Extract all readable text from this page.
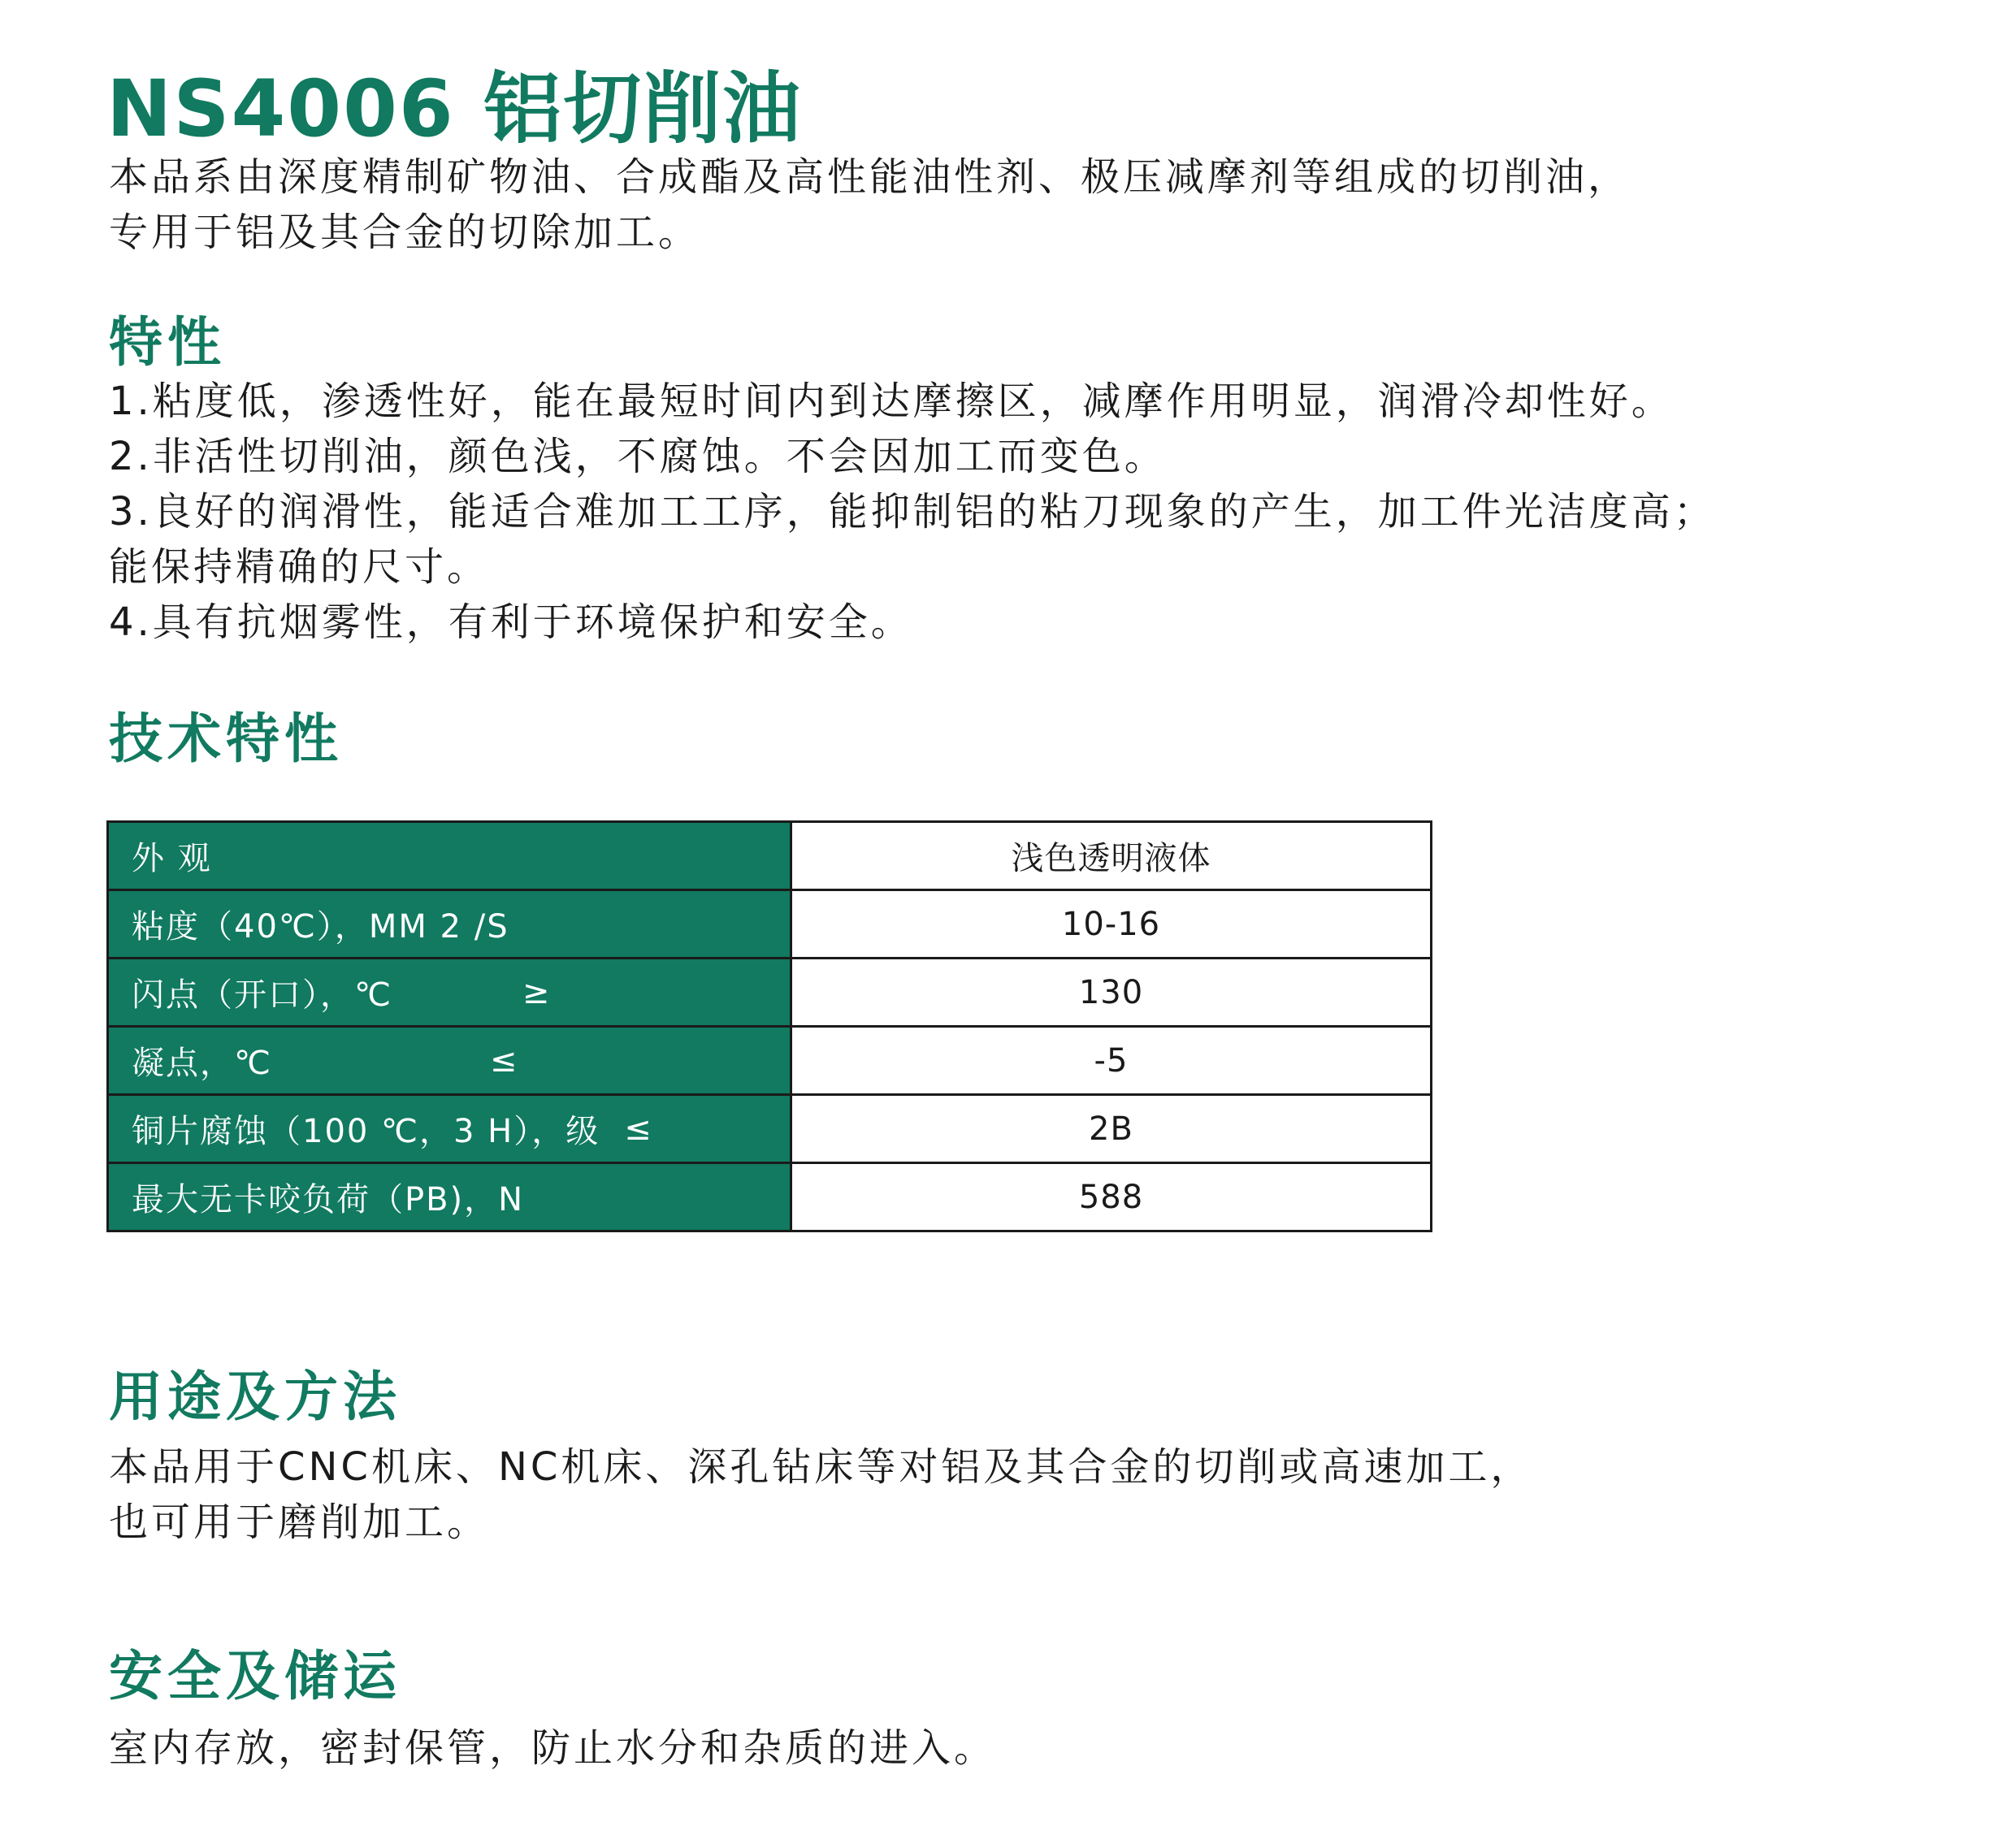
NS4006 铝切削油
本品系由深度精制矿物油、合成酯及高性能油性剂、极压减摩剂等组成的切削油，
专用于铝及其合金的切除加工。
特性
1.粘度低，渗透性好，能在最短时间内到达摩擦区，减摩作用明显，润滑冷却性好。
2.非活性切削油，颜色浅，不腐蚀。不会因加工而变色。
3.良好的润滑性，能适合难加工工序，能抑制铝的粘刀现象的产生，加工件光洁度高；
能保持精确的尺寸。
4.具有抗烟雾性，有利于环境保护和安全。
技术特性
外 观	浅色透明液体

粘度（40℃），MM 2 /S	10-16

闪点（开口），℃ ≥	130

凝点，℃ ≤	-5

铜片腐蚀（100 ℃，3 H），级 ≤	2B

最大无卡咬负荷（PB)，N	588
用途及方法
本品用于CNC机床、NC机床、深孔钻床等对铝及其合金的切削或高速加工，
也可用于磨削加工。
安全及储运
室内存放，密封保管，防止水分和杂质的进入。
